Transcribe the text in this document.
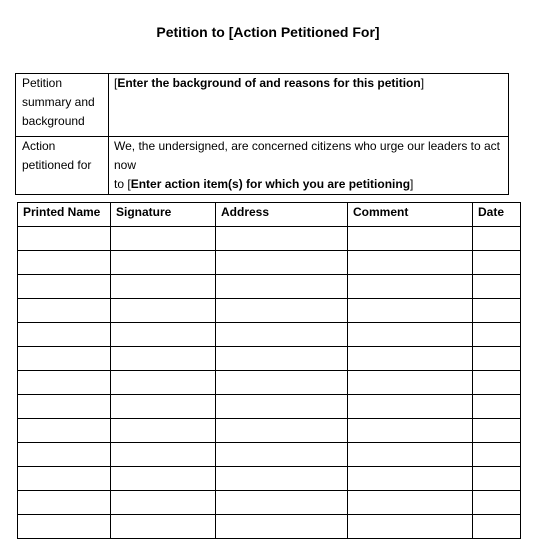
Petition to [Action Petitioned For]
Petition
summary and
background	[Enter the background of and reasons for this petition]
Action
petitioned for	We, the undersigned, are concerned citizens who urge our leaders to act now
to [Enter action item(s) for which you are petitioning]
Printed Name	Signature	Address	Comment	Date
